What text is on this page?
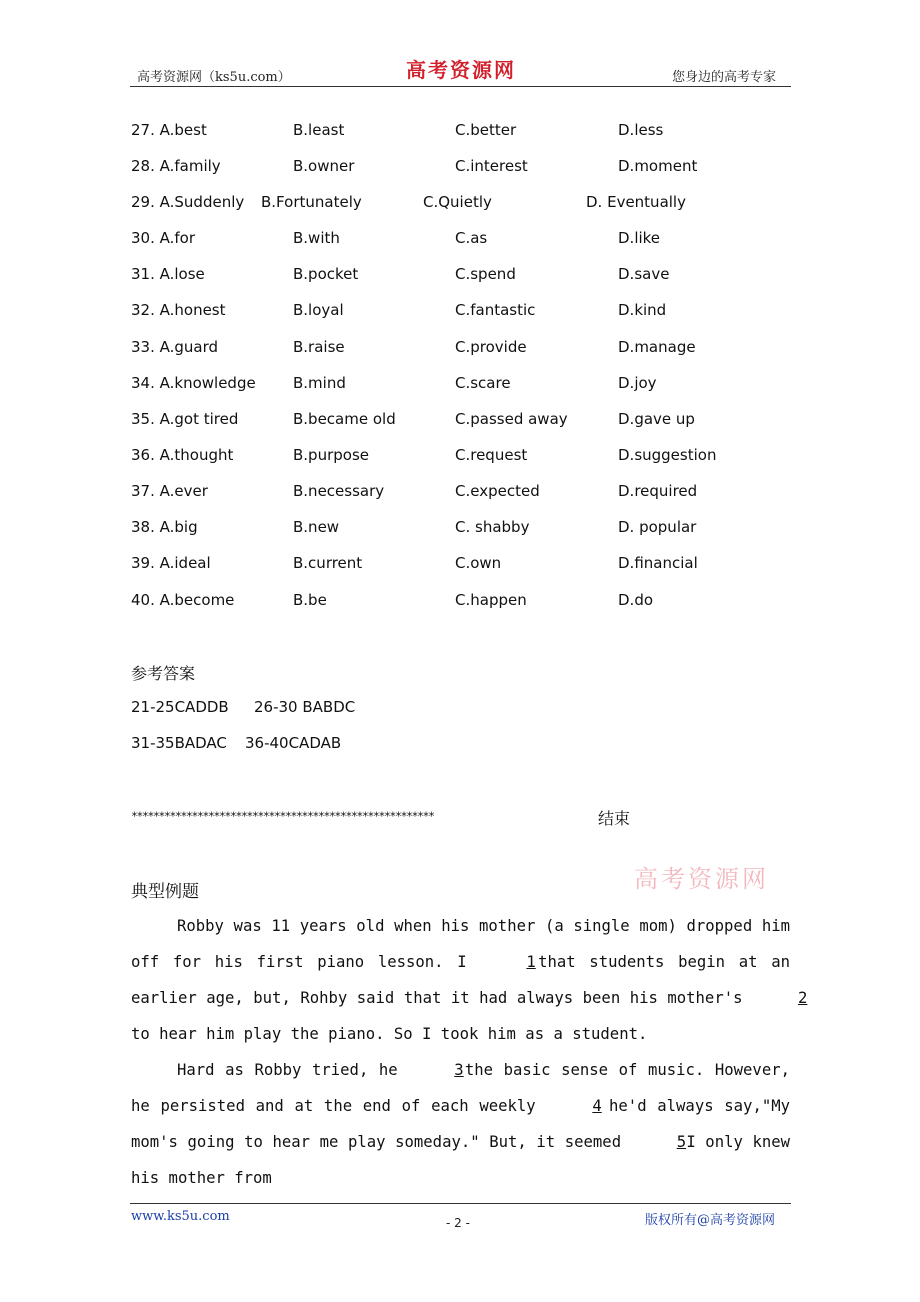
高考资源网（ks5u.com）	高考资源网	您身边的高考专家
27. A.best	B.least	C.better	D.less
28. A.family	B.owner	C.interest	D.moment
29. A.Suddenly B.Fortunately	C.Quietly	D. Eventually
30. A.for	B.with	C.as	D.like
31. A.lose	B.pocket	C.spend	D.save
32. A.honest	B.loyal	C.fantastic	D.kind
33. A.guard	B.raise	C.provide	D.manage
34. A.knowledge B.mind	C.scare	D.joy
35. A.got tired	B.became old	C.passed away	D.gave up
36. A.thought	B.purpose	C.request	D.suggestion
37. A.ever	B.necessary	C.expected	D.required
38. A.big	B.new	C. shabby	D. popular
39. A.ideal	B.current	C.own	D.financial
40. A.become	B.be	C.happen	D.do
参考答案
21-25CADDB 26-30 BABDC
31-35BADAC 36-40CADAB
*******************************************************	结束
典型例题	高考资源网
Robby was 11 years old when his mother (a single mom) dropped him off for his first piano lesson. I	1 that students begin at an earlier age, but, Rohby said that it had always been his mother's	2 to hear him play the piano. So I took him as a student.
Hard as Robby tried, he	3 the basic sense of music. However, he persisted and at the end of each weekly	4 he'd always say,"My mom's going to hear me play someday." But, it seemed	5 I only knew his mother from
www.ks5u.com	- 2 -	版权所有@高考资源网
